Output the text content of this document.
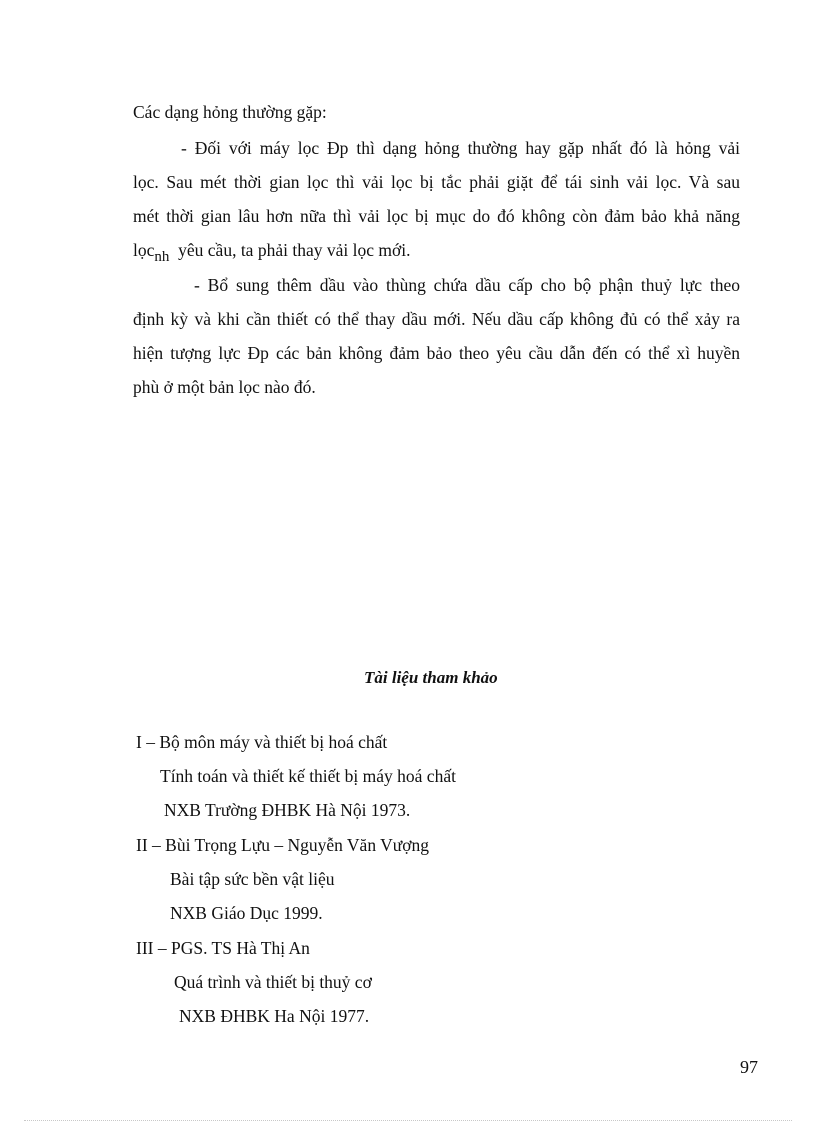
Các dạng hỏng thường gặp:
- Đối với máy lọc Đp thì dạng hỏng thường hay gặp nhất đó là hỏng vải
lọc. Sau mét thời gian lọc thì vải lọc bị tắc phải giặt để tái sinh vải lọc. Và sau
mét thời gian lâu hơn nữa thì vải lọc bị mục do đó không còn đảm bảo khả năng
lọcnh yêu cầu, ta phải thay vải lọc mới.
- Bổ sung thêm dầu vào thùng chứa dầu cấp cho bộ phận thuỷ lực theo
định kỳ và khi cần thiết có thể thay dầu mới. Nếu dầu cấp không đủ có thể xảy ra
hiện tượng lực Đp các bản không đảm bảo theo yêu cầu dẫn đến có thể xì huyền
phù ở một bản lọc nào đó.
Tài liệu tham khảo
I – Bộ môn máy và thiết bị hoá chất
Tính toán và thiết kế thiết bị máy hoá chất
NXB Trường ĐHBK Hà Nội 1973.
II – Bùi Trọng Lựu – Nguyễn Văn Vượng
Bài tập sức bền vật liệu
NXB Giáo Dục 1999.
III – PGS. TS Hà Thị An
Quá trình và thiết bị thuỷ cơ
NXB ĐHBK Ha Nội 1977.
97
